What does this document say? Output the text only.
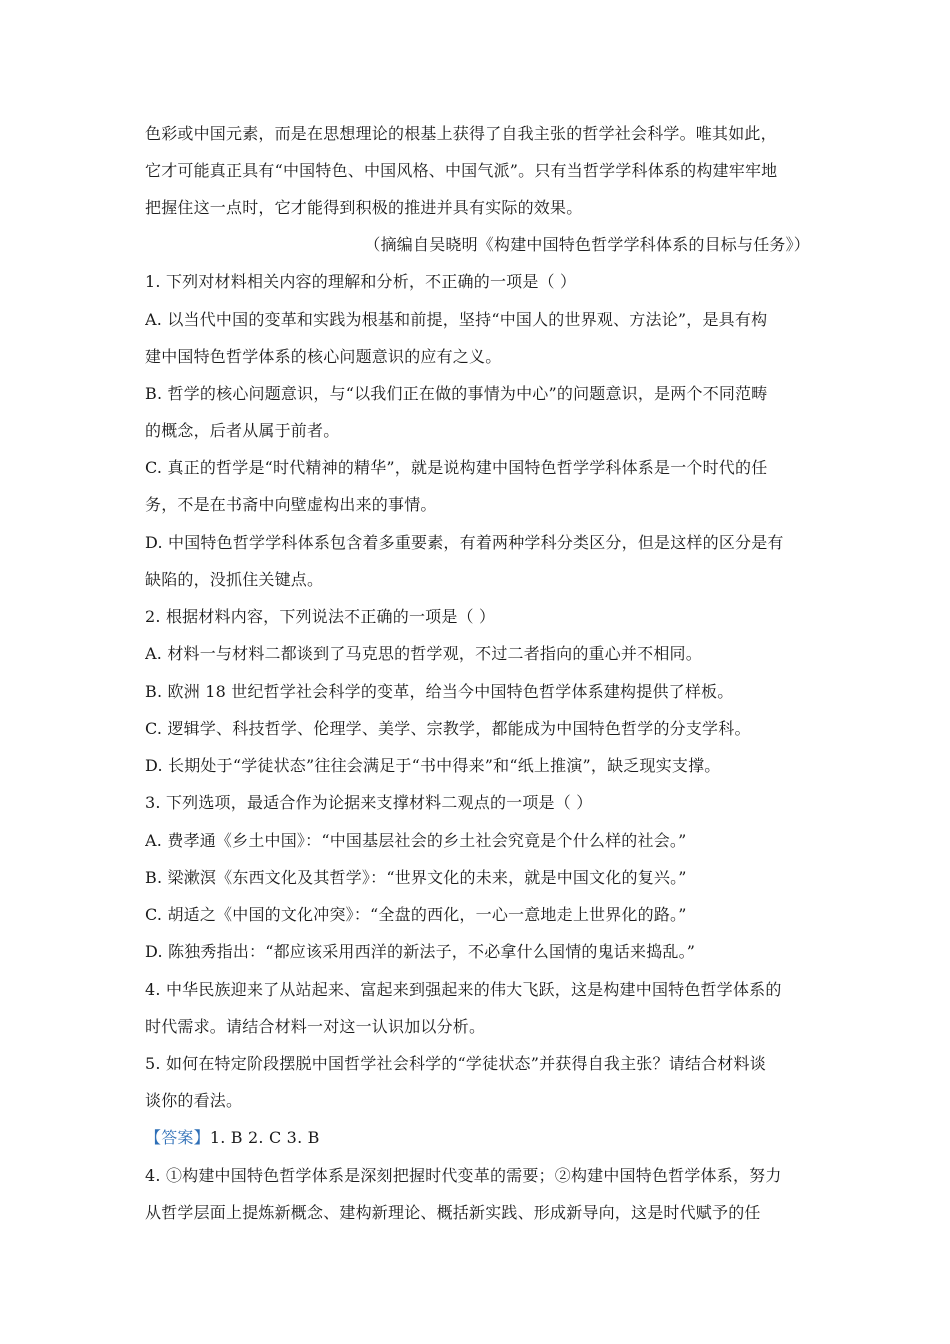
色彩或中国元素，而是在思想理论的根基上获得了自我主张的哲学社会科学。唯其如此，
它才可能真正具有“中国特色、中国风格、中国气派”。只有当哲学学科体系的构建牢牢地
把握住这一点时，它才能得到积极的推进并具有实际的效果。
（摘编自吴晓明《构建中国特色哲学学科体系的目标与任务》）
1. 下列对材料相关内容的理解和分析，不正确的一项是（ ）
A. 以当代中国的变革和实践为根基和前提，坚持“中国人的世界观、方法论”，是具有构
建中国特色哲学体系的核心问题意识的应有之义。
B. 哲学的核心问题意识，与“以我们正在做的事情为中心”的问题意识，是两个不同范畴
的概念，后者从属于前者。
C. 真正的哲学是“时代精神的精华”，就是说构建中国特色哲学学科体系是一个时代的任
务，不是在书斋中向壁虚构出来的事情。
D. 中国特色哲学学科体系包含着多重要素，有着两种学科分类区分，但是这样的区分是有
缺陷的，没抓住关键点。
2. 根据材料内容，下列说法不正确的一项是（ ）
A. 材料一与材料二都谈到了马克思的哲学观，不过二者指向的重心并不相同。
B. 欧洲 18 世纪哲学社会科学的变革，给当今中国特色哲学体系建构提供了样板。
C. 逻辑学、科技哲学、伦理学、美学、宗教学，都能成为中国特色哲学的分支学科。
D. 长期处于“学徒状态”往往会满足于“书中得来”和“纸上推演”，缺乏现实支撑。
3. 下列选项，最适合作为论据来支撑材料二观点的一项是（ ）
A. 费孝通《乡土中国》：“中国基层社会的乡土社会究竟是个什么样的社会。”
B. 梁漱溟《东西文化及其哲学》：“世界文化的未来，就是中国文化的复兴。”
C. 胡适之《中国的文化冲突》：“全盘的西化，一心一意地走上世界化的路。”
D. 陈独秀指出：“都应该采用西洋的新法子，不必拿什么国情的鬼话来捣乱。”
4. 中华民族迎来了从站起来、富起来到强起来的伟大飞跃，这是构建中国特色哲学体系的
时代需求。请结合材料一对这一认识加以分析。
5. 如何在特定阶段摆脱中国哲学社会科学的“学徒状态”并获得自我主张？请结合材料谈
谈你的看法。
【答案】1. B 2. C 3. B
4. ①构建中国特色哲学体系是深刻把握时代变革的需要；②构建中国特色哲学体系，努力
从哲学层面上提炼新概念、建构新理论、概括新实践、形成新导向，这是时代赋予的任
